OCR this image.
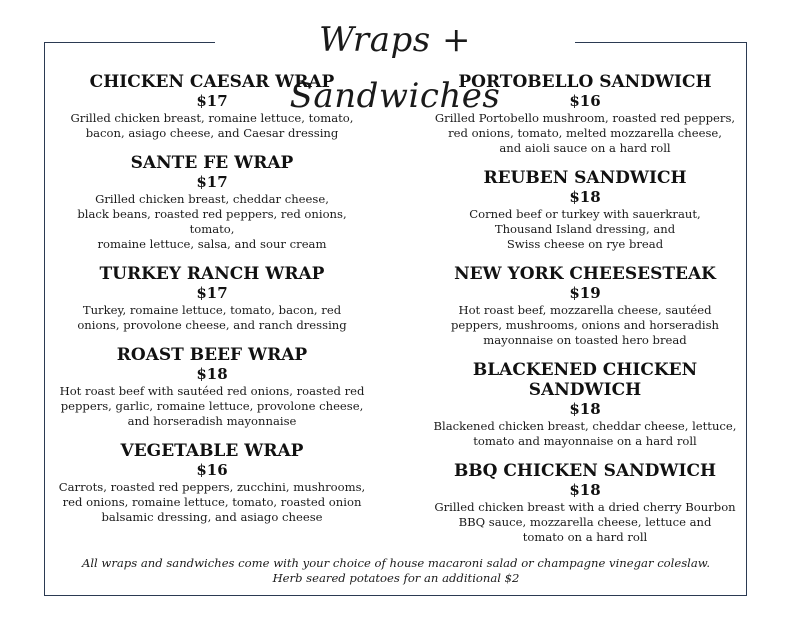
Wraps + Sandwiches
CHICKEN CAESAR WRAP
$17
Grilled chicken breast, romaine lettuce, tomato,
bacon, asiago cheese, and Caesar dressing
SANTE FE WRAP
$17
Grilled chicken breast, cheddar cheese,
black beans, roasted red peppers, red onions, tomato,
romaine lettuce, salsa, and sour cream
TURKEY RANCH WRAP
$17
Turkey, romaine lettuce, tomato, bacon, red
onions, provolone cheese, and ranch dressing
ROAST BEEF WRAP
$18
Hot roast beef with sautéed red onions, roasted red
peppers, garlic, romaine lettuce, provolone cheese,
and horseradish mayonnaise
VEGETABLE WRAP
$16
Carrots, roasted red peppers, zucchini, mushrooms,
red onions, romaine lettuce, tomato, roasted onion
balsamic dressing, and asiago cheese
PORTOBELLO SANDWICH
$16
Grilled Portobello mushroom, roasted red peppers,
red onions, tomato, melted mozzarella cheese,
and aioli sauce on a hard roll
REUBEN SANDWICH
$18
Corned beef or turkey with sauerkraut,
Thousand Island dressing, and
Swiss cheese on rye bread
NEW YORK CHEESESTEAK
$19
Hot roast beef, mozzarella cheese, sautéed
peppers, mushrooms, onions and horseradish
mayonnaise on toasted hero bread
BLACKENED CHICKEN SANDWICH
$18
Blackened chicken breast, cheddar cheese, lettuce,
tomato and mayonnaise on a hard roll
BBQ CHICKEN SANDWICH
$18
Grilled chicken breast with a dried cherry Bourbon
BBQ sauce, mozzarella cheese, lettuce and
tomato on a hard roll
All wraps and sandwiches come with your choice of house macaroni salad or champagne vinegar coleslaw.
Herb seared potatoes for an additional $2
